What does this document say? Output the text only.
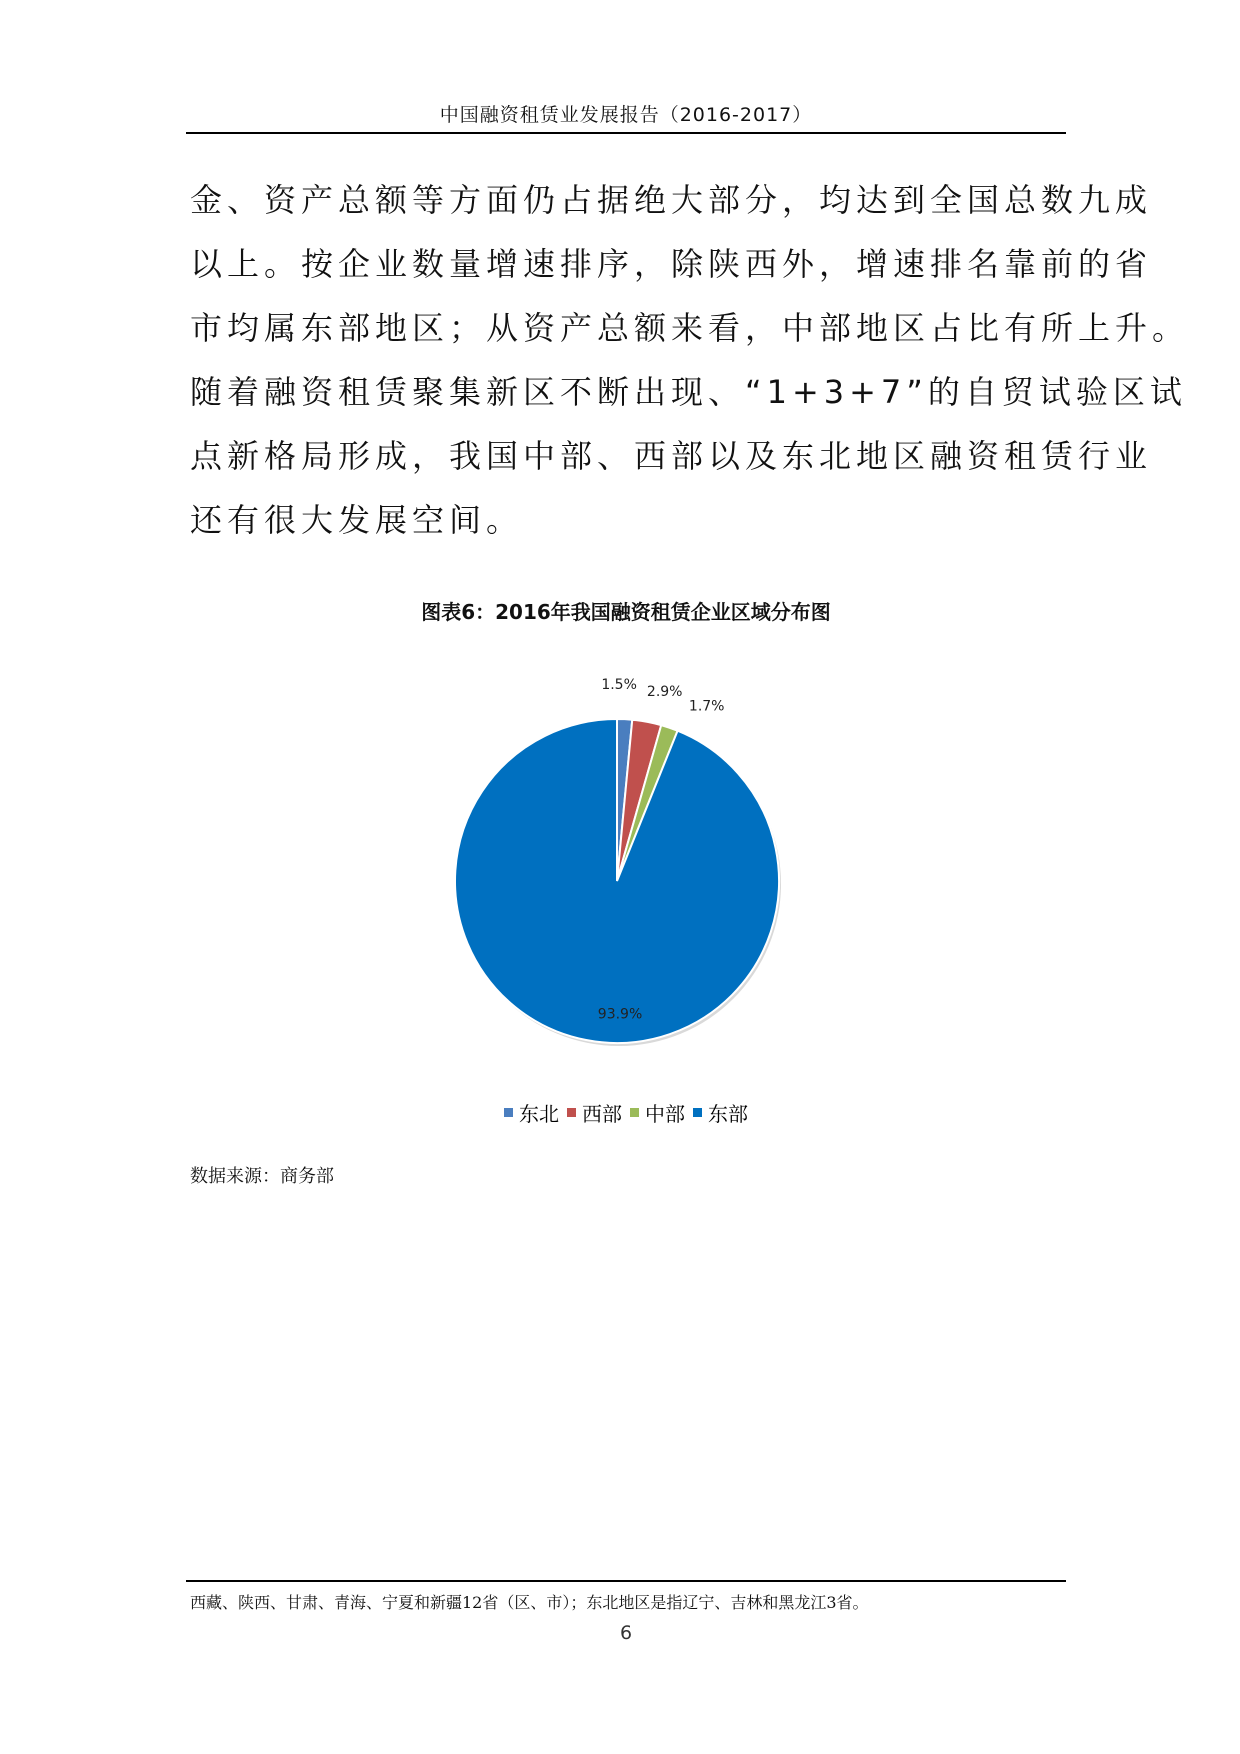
中国融资租赁业发展报告（2016-2017）

金、资产总额等方面仍占据绝大部分，均达到全国总数九成

以上。按企业数量增速排序，除陕西外，增速排名靠前的省

市均属东部地区；从资产总额来看，中部地区占比有所上升。

随着融资租赁聚集新区不断出现、“1+3+7”的自贸试验区试

点新格局形成，我国中部、西部以及东北地区融资租赁行业

还有很大发展空间。

图表6：2016年我国融资租赁企业区域分布图
1.5% 2.9%
1.7%
93.9%
东北 西部 中部 东部
数据来源：商务部
西藏、陕西、甘肃、青海、宁夏和新疆12省（区、市）；东北地区是指辽宁、吉林和黑龙江3省。
6
